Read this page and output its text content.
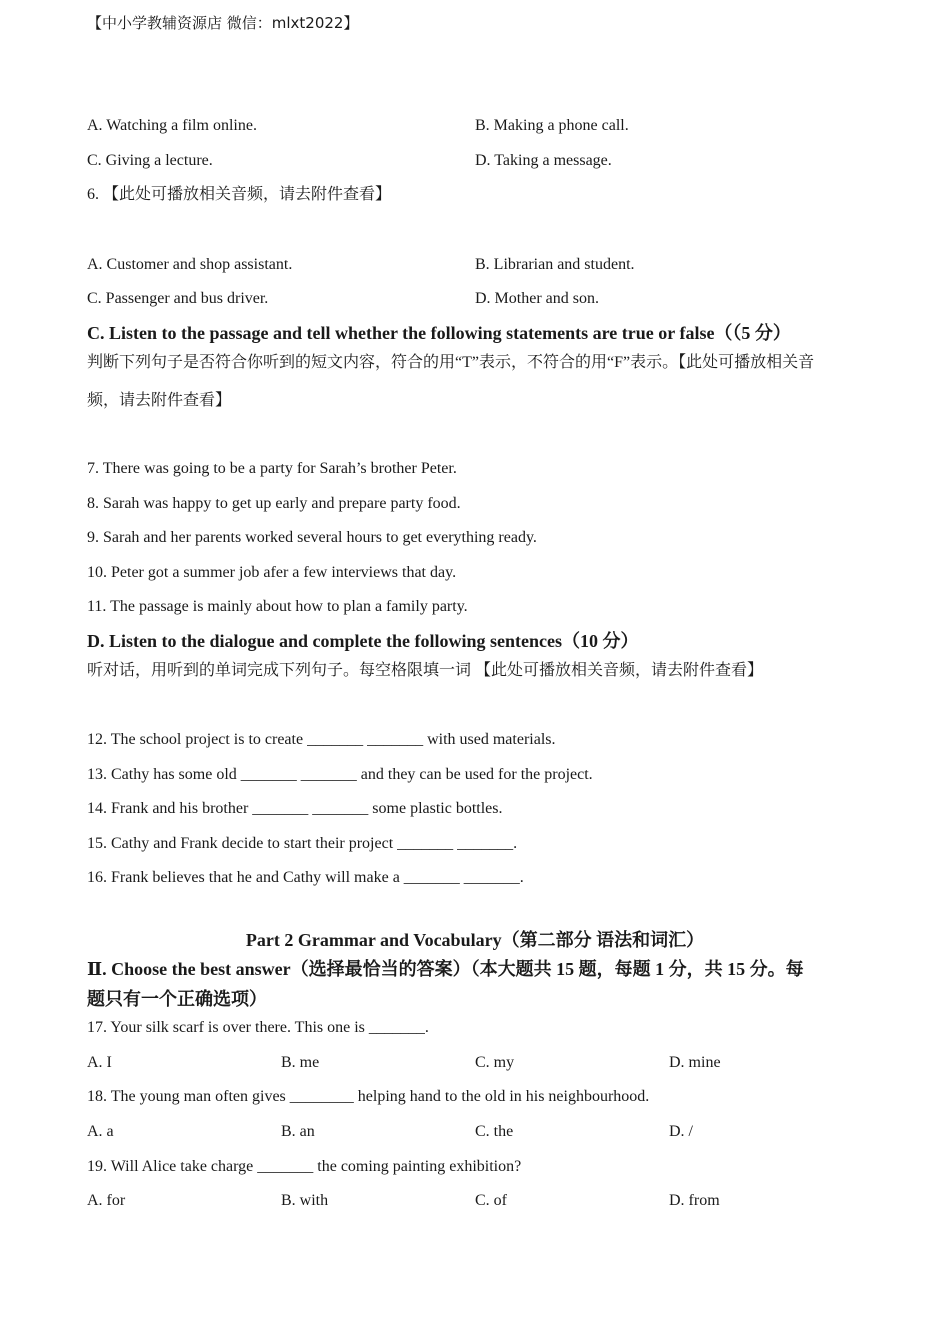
【中小学教辅资源店 微信：mlxt2022】
A. Watching a film online.	B. Making a phone call.
C. Giving a lecture.	D. Taking a message.
6. 【此处可播放相关音频，请去附件查看】
A. Customer and shop assistant.	B. Librarian and student.
C. Passenger and bus driver.	D. Mother and son.
C. Listen to the passage and tell whether the following statements are true or false（（5 分）
判断下列句子是否符合你听到的短文内容，符合的用“T”表示，不符合的用“F”表示。【此处可播放相关音
频，请去附件查看】
7. There was going to be a party for Sarah’s brother Peter.
8. Sarah was happy to get up early and prepare party food.
9. Sarah and her parents worked several hours to get everything ready.
10. Peter got a summer job afer a few interviews that day.
11. The passage is mainly about how to plan a family party.
D. Listen to the dialogue and complete the following sentences（10 分）
听对话，用听到的单词完成下列句子。每空格限填一词 【此处可播放相关音频，请去附件查看】
12. The school project is to create _______ _______ with used materials.
13. Cathy has some old _______ _______ and they can be used for the project.
14. Frank and his brother _______ _______ some plastic bottles.
15. Cathy and Frank decide to start their project _______ _______.
16. Frank believes that he and Cathy will make a _______ _______.
Part 2 Grammar and Vocabulary（第二部分 语法和词汇）
Ⅱ. Choose the best answer（选择最恰当的答案）（本大题共 15 题，每题 1 分，共 15 分。每
题只有一个正确选项）
17. Your silk scarf is over there. This one is _______.
A. I	B. me	C. my	D. mine
18. The young man often gives ________ helping hand to the old in his neighbourhood.
A. a	B. an	C. the	D. /
19. Will Alice take charge _______ the coming painting exhibition?
A. for	B. with	C. of	D. from
